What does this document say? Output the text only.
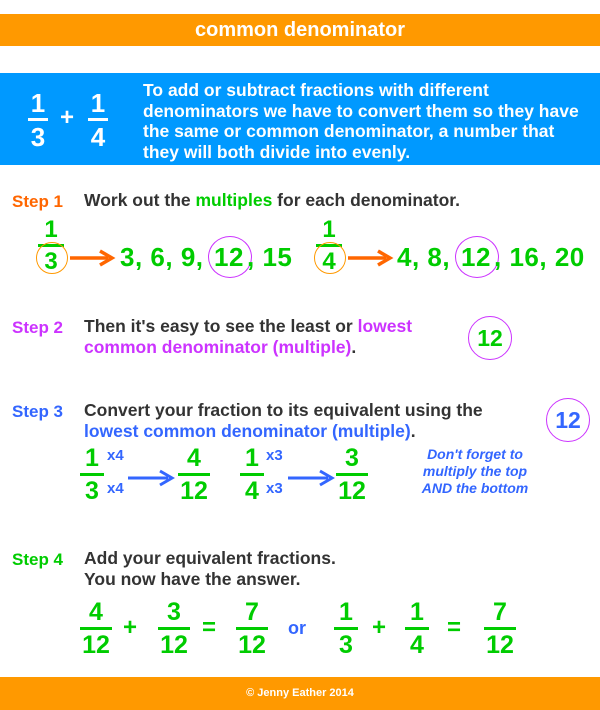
common denominator
1
3
+ 1
4
To add or subtract fractions with different denominators we have to convert them so they have the same or common denominator, a number that they will both divide into evenly.
Step 1 Work out the multiples for each denominator.
1
3 3, 6, 9, 12 , 15
1
4 4, 8, 12 , 16, 20
Step 2 Then it's easy to see the least or lowest
common denominator (multiple).	12
Step 3 Convert your fraction to its equivalent using the
lowest common denominator (multiple).	12
1
3
x4
x4
4
12
1
4
x3
x3
3
12
Don't forget to
multiply the top
AND the bottom
Step 4 Add your equivalent fractions.
You now have the answer.
4
12
+
3
12
=
7
12
or
1
3
+
1
4
=
7
12
© Jenny Eather 2014
